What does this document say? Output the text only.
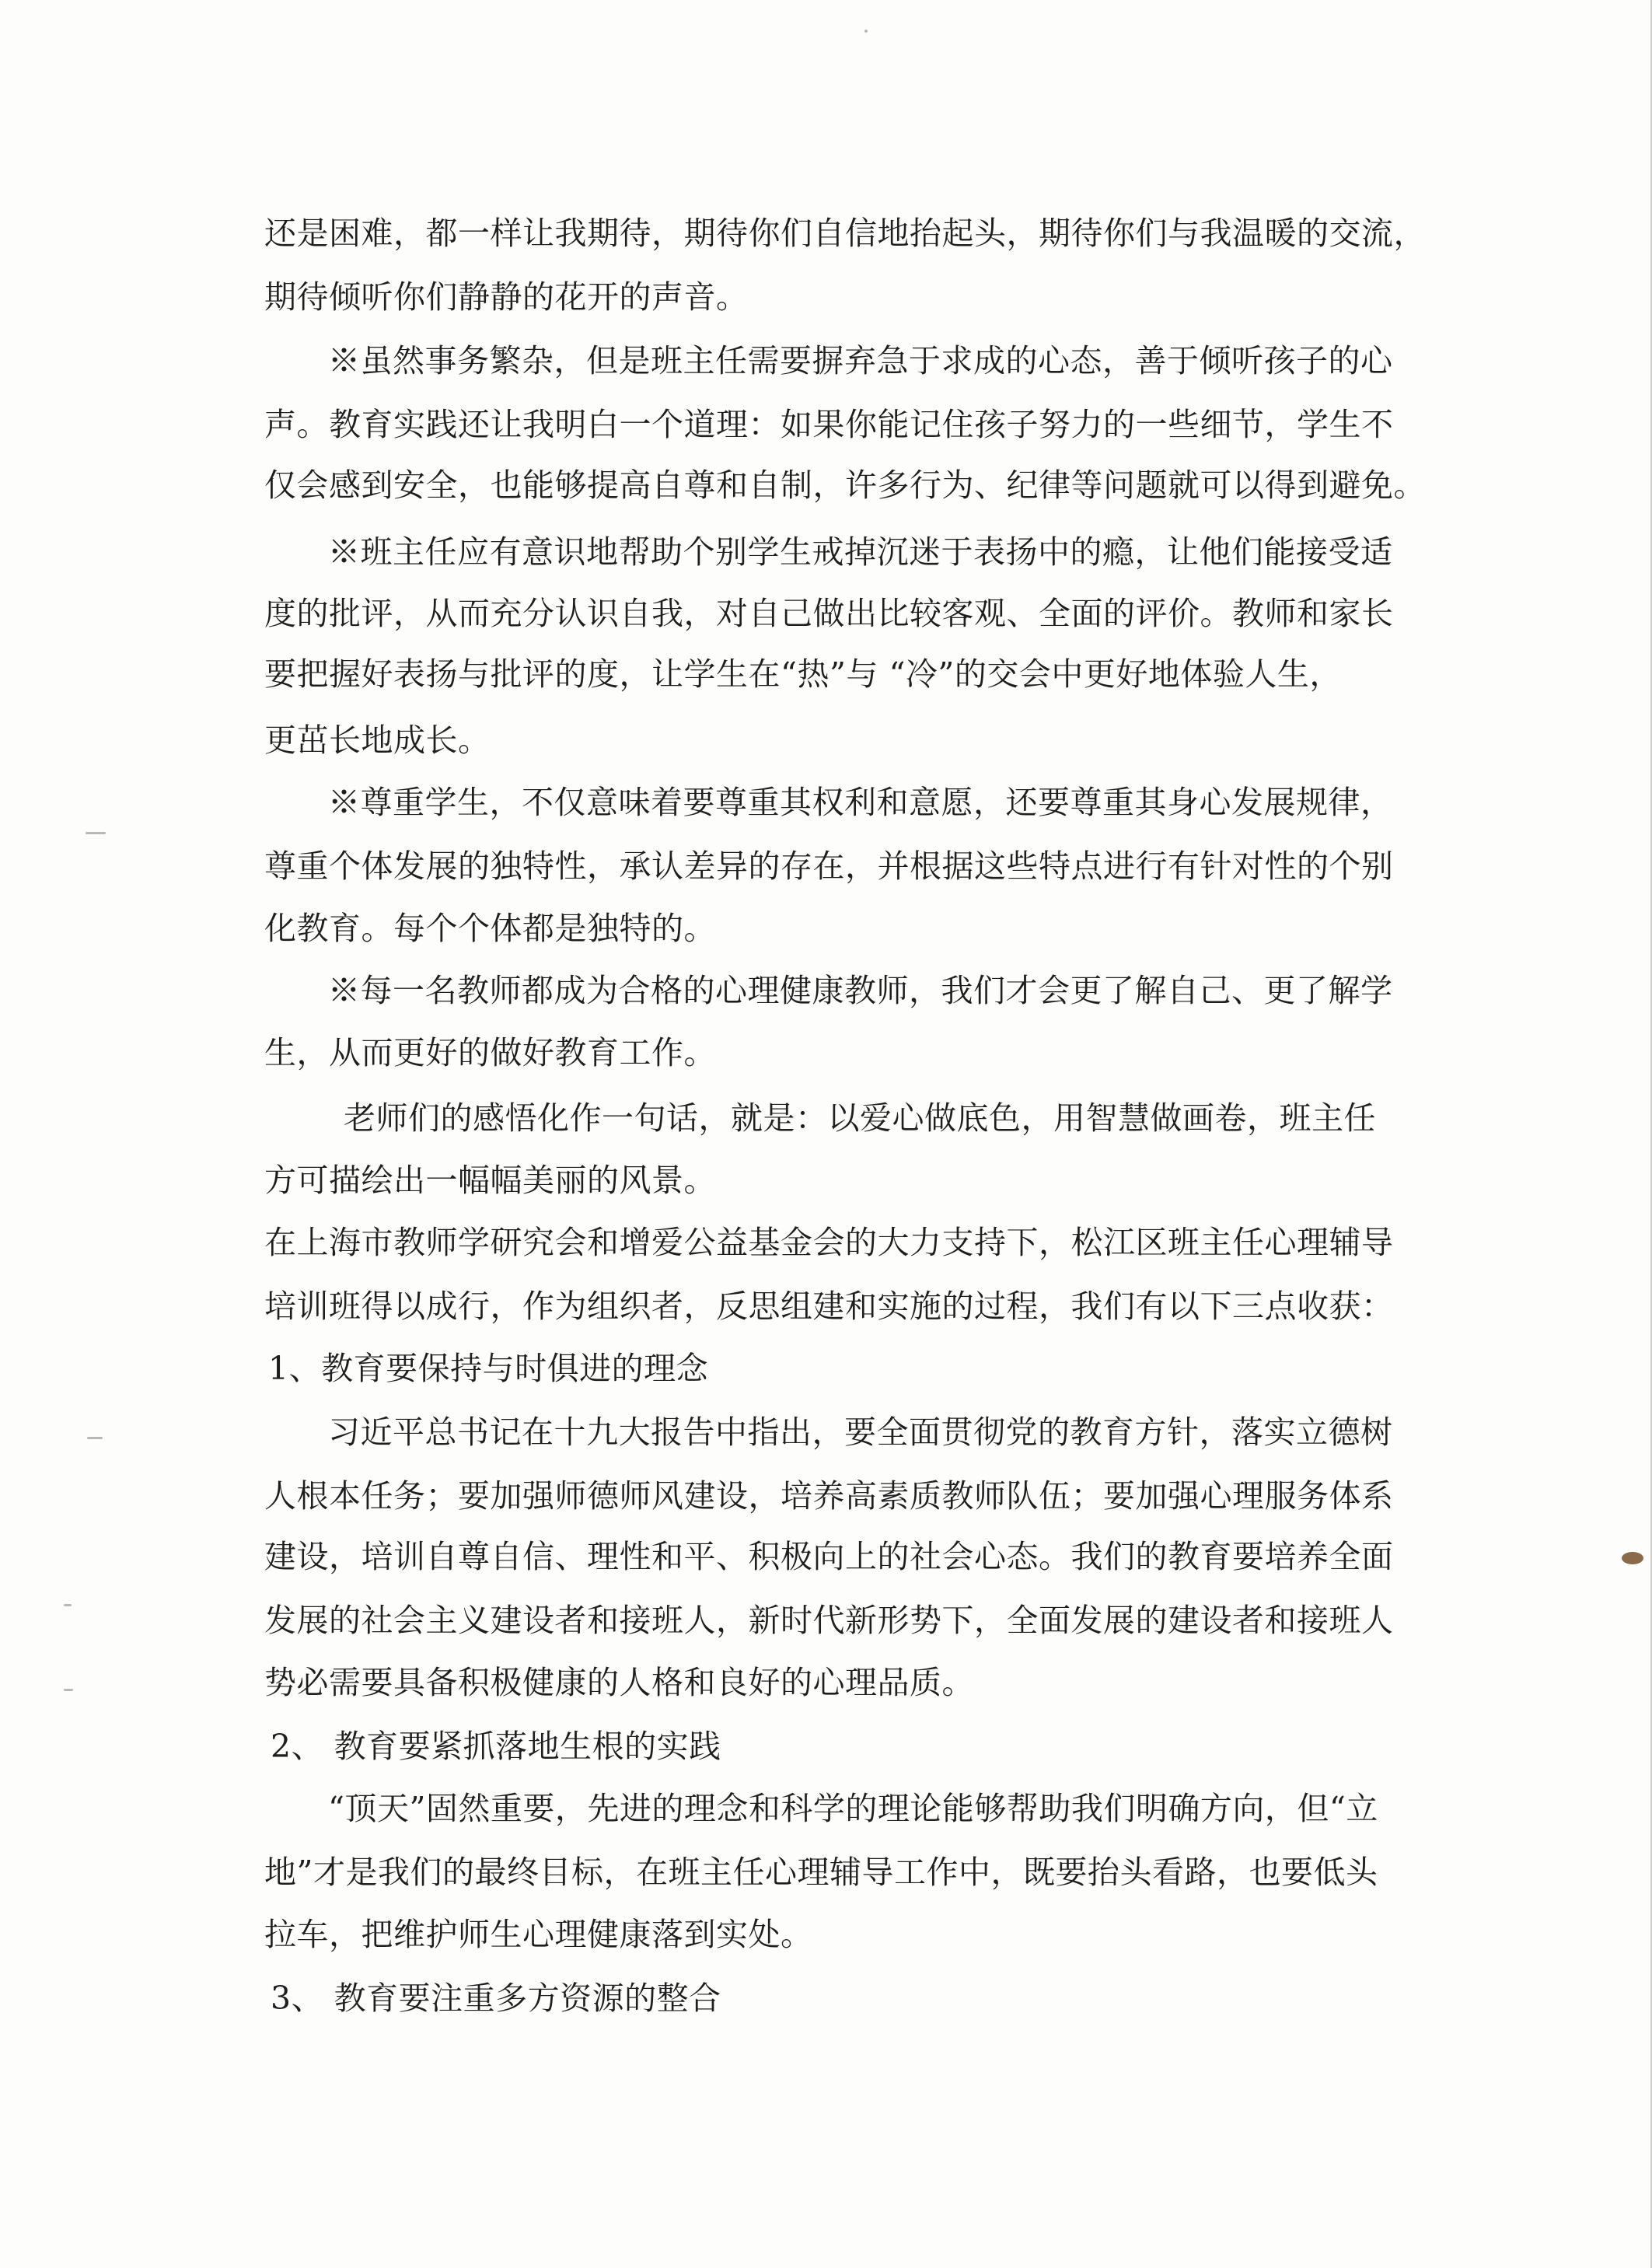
还是困难，都一样让我期待，期待你们自信地抬起头，期待你们与我温暖的交流，
期待倾听你们静静的花开的声音。
※虽然事务繁杂，但是班主任需要摒弃急于求成的心态，善于倾听孩子的心
声。教育实践还让我明白一个道理：如果你能记住孩子努力的一些细节，学生不
仅会感到安全，也能够提高自尊和自制，许多行为、纪律等问题就可以得到避免。
※班主任应有意识地帮助个别学生戒掉沉迷于表扬中的瘾，让他们能接受适
度的批评，从而充分认识自我，对自己做出比较客观、全面的评价。教师和家长
要把握好表扬与批评的度，让学生在“热”与 “冷”的交会中更好地体验人生，
更茁长地成长。
※尊重学生，不仅意味着要尊重其权利和意愿，还要尊重其身心发展规律，
尊重个体发展的独特性，承认差异的存在，并根据这些特点进行有针对性的个别
化教育。每个个体都是独特的。
※每一名教师都成为合格的心理健康教师，我们才会更了解自己、更了解学
生，从而更好的做好教育工作。
老师们的感悟化作一句话，就是：以爱心做底色，用智慧做画卷，班主任
方可描绘出一幅幅美丽的风景。
在上海市教师学研究会和增爱公益基金会的大力支持下，松江区班主任心理辅导
培训班得以成行，作为组织者，反思组建和实施的过程，我们有以下三点收获：
1、教育要保持与时俱进的理念
习近平总书记在十九大报告中指出，要全面贯彻党的教育方针，落实立德树
人根本任务；要加强师德师风建设，培养高素质教师队伍；要加强心理服务体系
建设，培训自尊自信、理性和平、积极向上的社会心态。我们的教育要培养全面
发展的社会主义建设者和接班人，新时代新形势下，全面发展的建设者和接班人
势必需要具备积极健康的人格和良好的心理品质。
2、 教育要紧抓落地生根的实践
“顶天”固然重要，先进的理念和科学的理论能够帮助我们明确方向，但“立
地”才是我们的最终目标，在班主任心理辅导工作中，既要抬头看路，也要低头
拉车，把维护师生心理健康落到实处。
3、 教育要注重多方资源的整合
